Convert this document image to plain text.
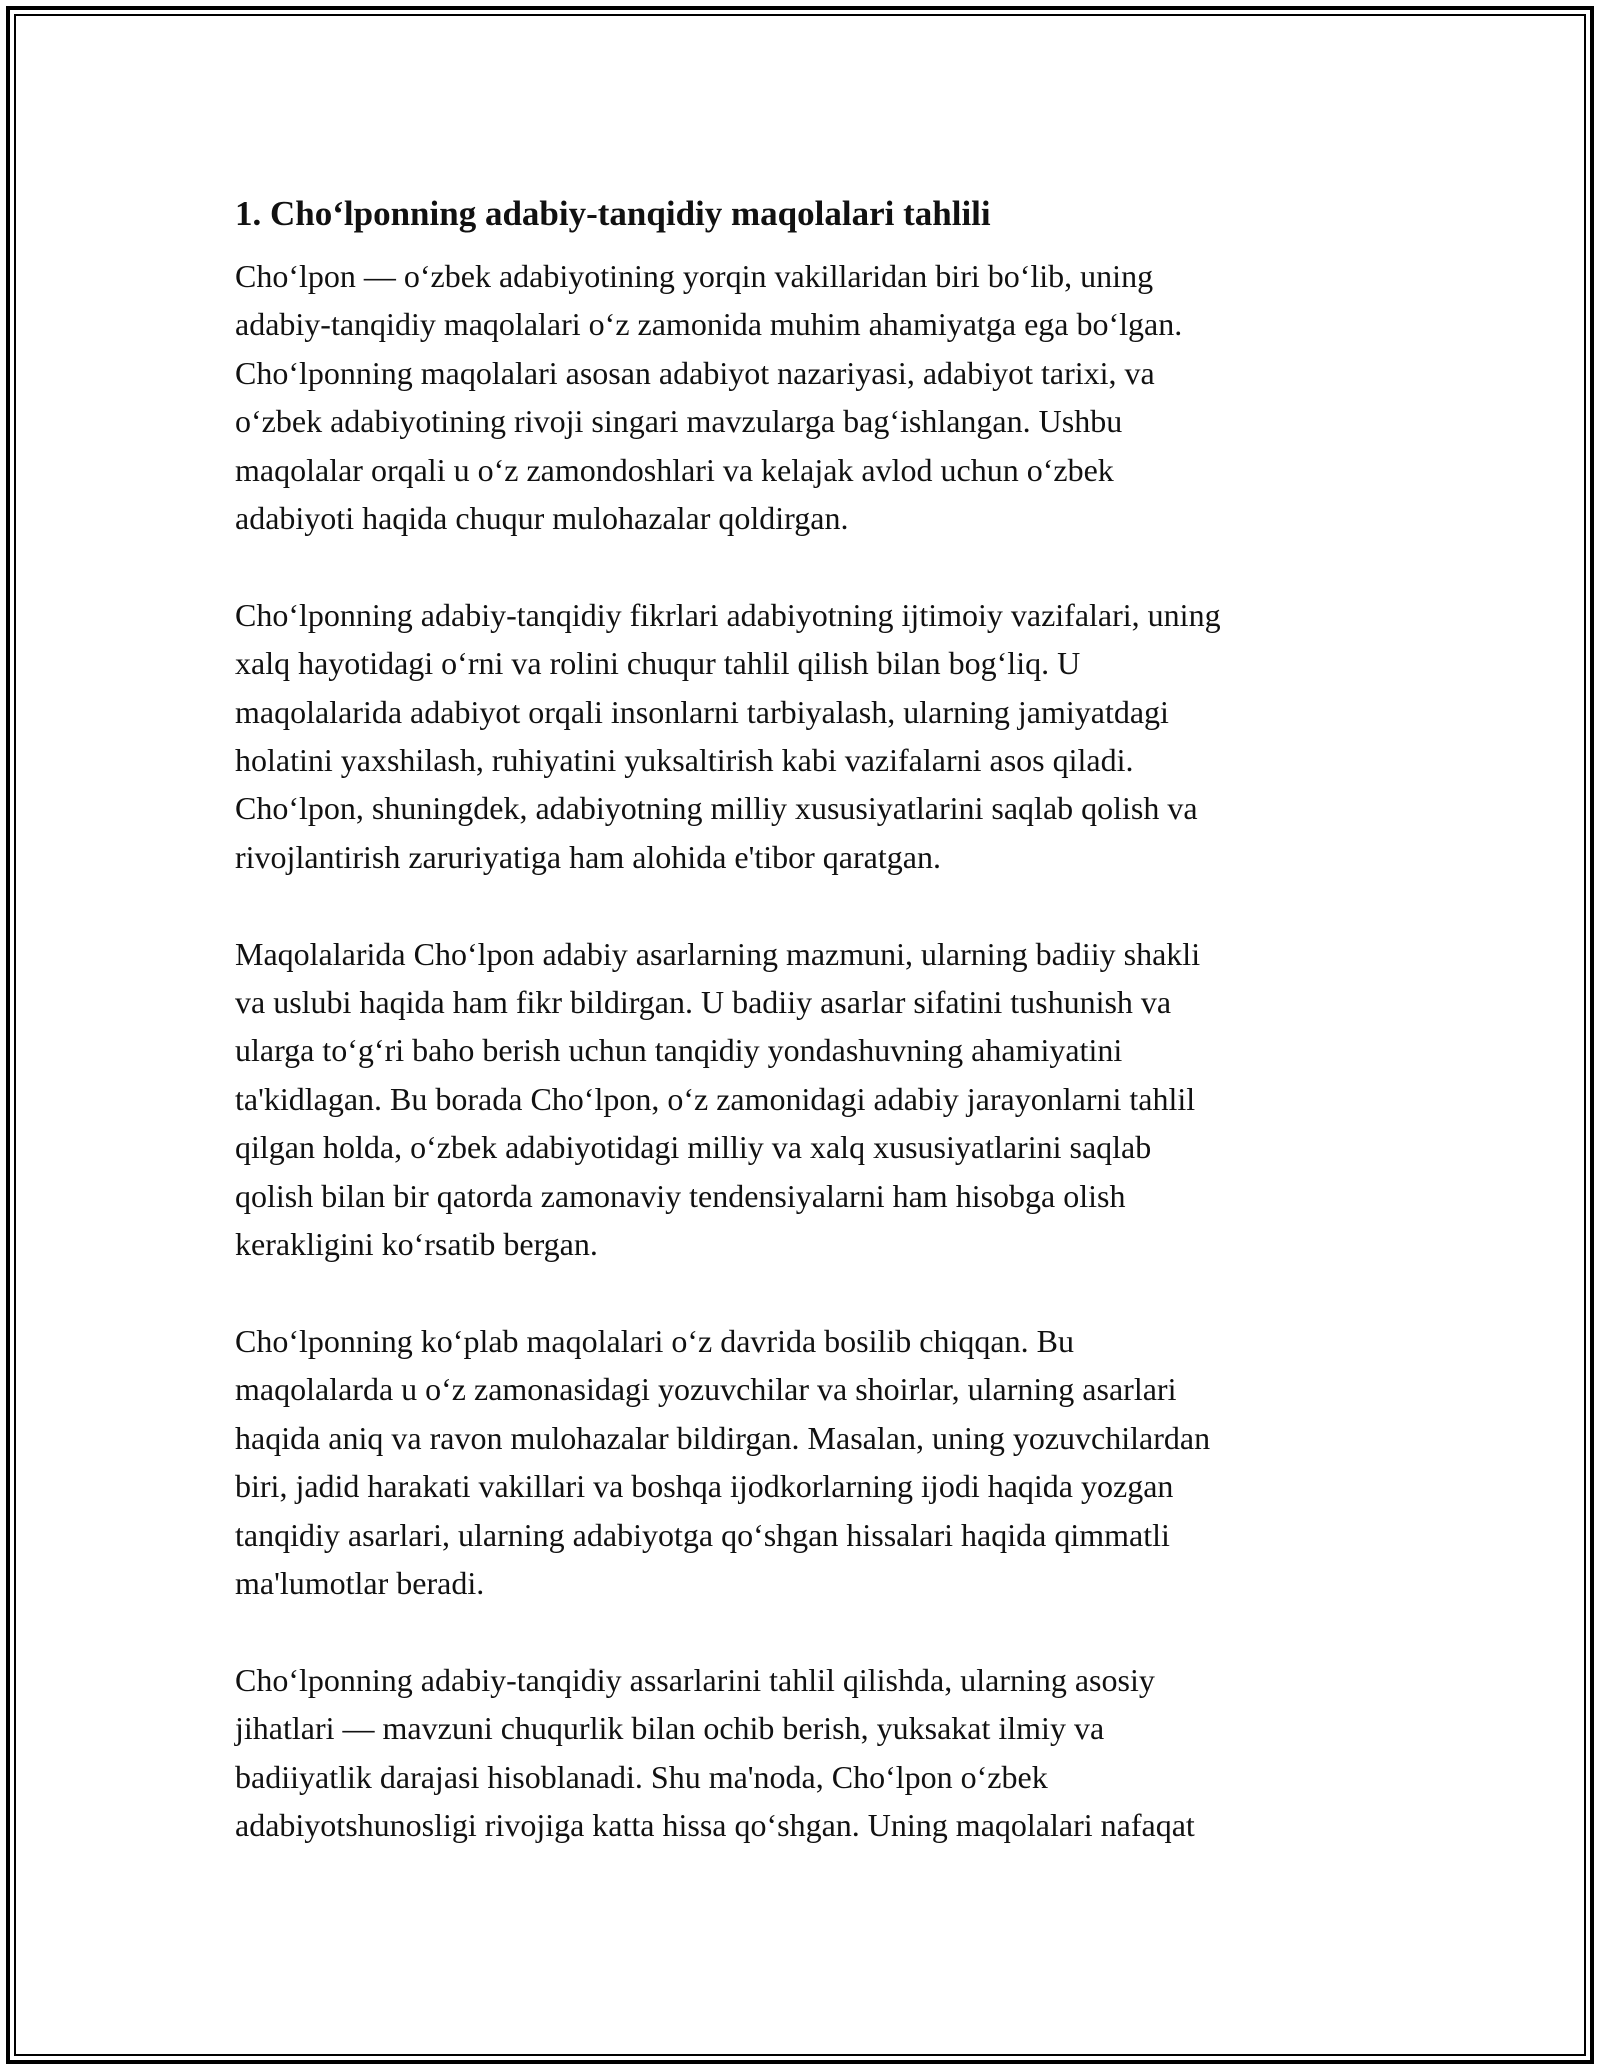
1. Cho‘lponning adabiy-tanqidiy maqolalari tahlili
Cho‘lpon — o‘zbek adabiyotining yorqin vakillaridan biri bo‘lib, uning
adabiy-tanqidiy maqolalari o‘z zamonida muhim ahamiyatga ega bo‘lgan.
Cho‘lponning maqolalari asosan adabiyot nazariyasi, adabiyot tarixi, va
o‘zbek adabiyotining rivoji singari mavzularga bag‘ishlangan. Ushbu
maqolalar orqali u o‘z zamondoshlari va kelajak avlod uchun o‘zbek
adabiyoti haqida chuqur mulohazalar qoldirgan.
Cho‘lponning adabiy-tanqidiy fikrlari adabiyotning ijtimoiy vazifalari, uning
xalq hayotidagi o‘rni va rolini chuqur tahlil qilish bilan bog‘liq. U
maqolalarida adabiyot orqali insonlarni tarbiyalash, ularning jamiyatdagi
holatini yaxshilash, ruhiyatini yuksaltirish kabi vazifalarni asos qiladi.
Cho‘lpon, shuningdek, adabiyotning milliy xususiyatlarini saqlab qolish va
rivojlantirish zaruriyatiga ham alohida e'tibor qaratgan.
Maqolalarida Cho‘lpon adabiy asarlarning mazmuni, ularning badiiy shakli
va uslubi haqida ham fikr bildirgan. U badiiy asarlar sifatini tushunish va
ularga to‘g‘ri baho berish uchun tanqidiy yondashuvning ahamiyatini
ta'kidlagan. Bu borada Cho‘lpon, o‘z zamonidagi adabiy jarayonlarni tahlil
qilgan holda, o‘zbek adabiyotidagi milliy va xalq xususiyatlarini saqlab
qolish bilan bir qatorda zamonaviy tendensiyalarni ham hisobga olish
kerakligini ko‘rsatib bergan.
Cho‘lponning ko‘plab maqolalari o‘z davrida bosilib chiqqan. Bu
maqolalarda u o‘z zamonasidagi yozuvchilar va shoirlar, ularning asarlari
haqida aniq va ravon mulohazalar bildirgan. Masalan, uning yozuvchilardan
biri, jadid harakati vakillari va boshqa ijodkorlarning ijodi haqida yozgan
tanqidiy asarlari, ularning adabiyotga qo‘shgan hissalari haqida qimmatli
ma'lumotlar beradi.
Cho‘lponning adabiy-tanqidiy assarlarini tahlil qilishda, ularning asosiy
jihatlari — mavzuni chuqurlik bilan ochib berish, yuksakat ilmiy va
badiiyatlik darajasi hisoblanadi. Shu ma'noda, Cho‘lpon o‘zbek
adabiyotshunosligi rivojiga katta hissa qo‘shgan. Uning maqolalari nafaqat
